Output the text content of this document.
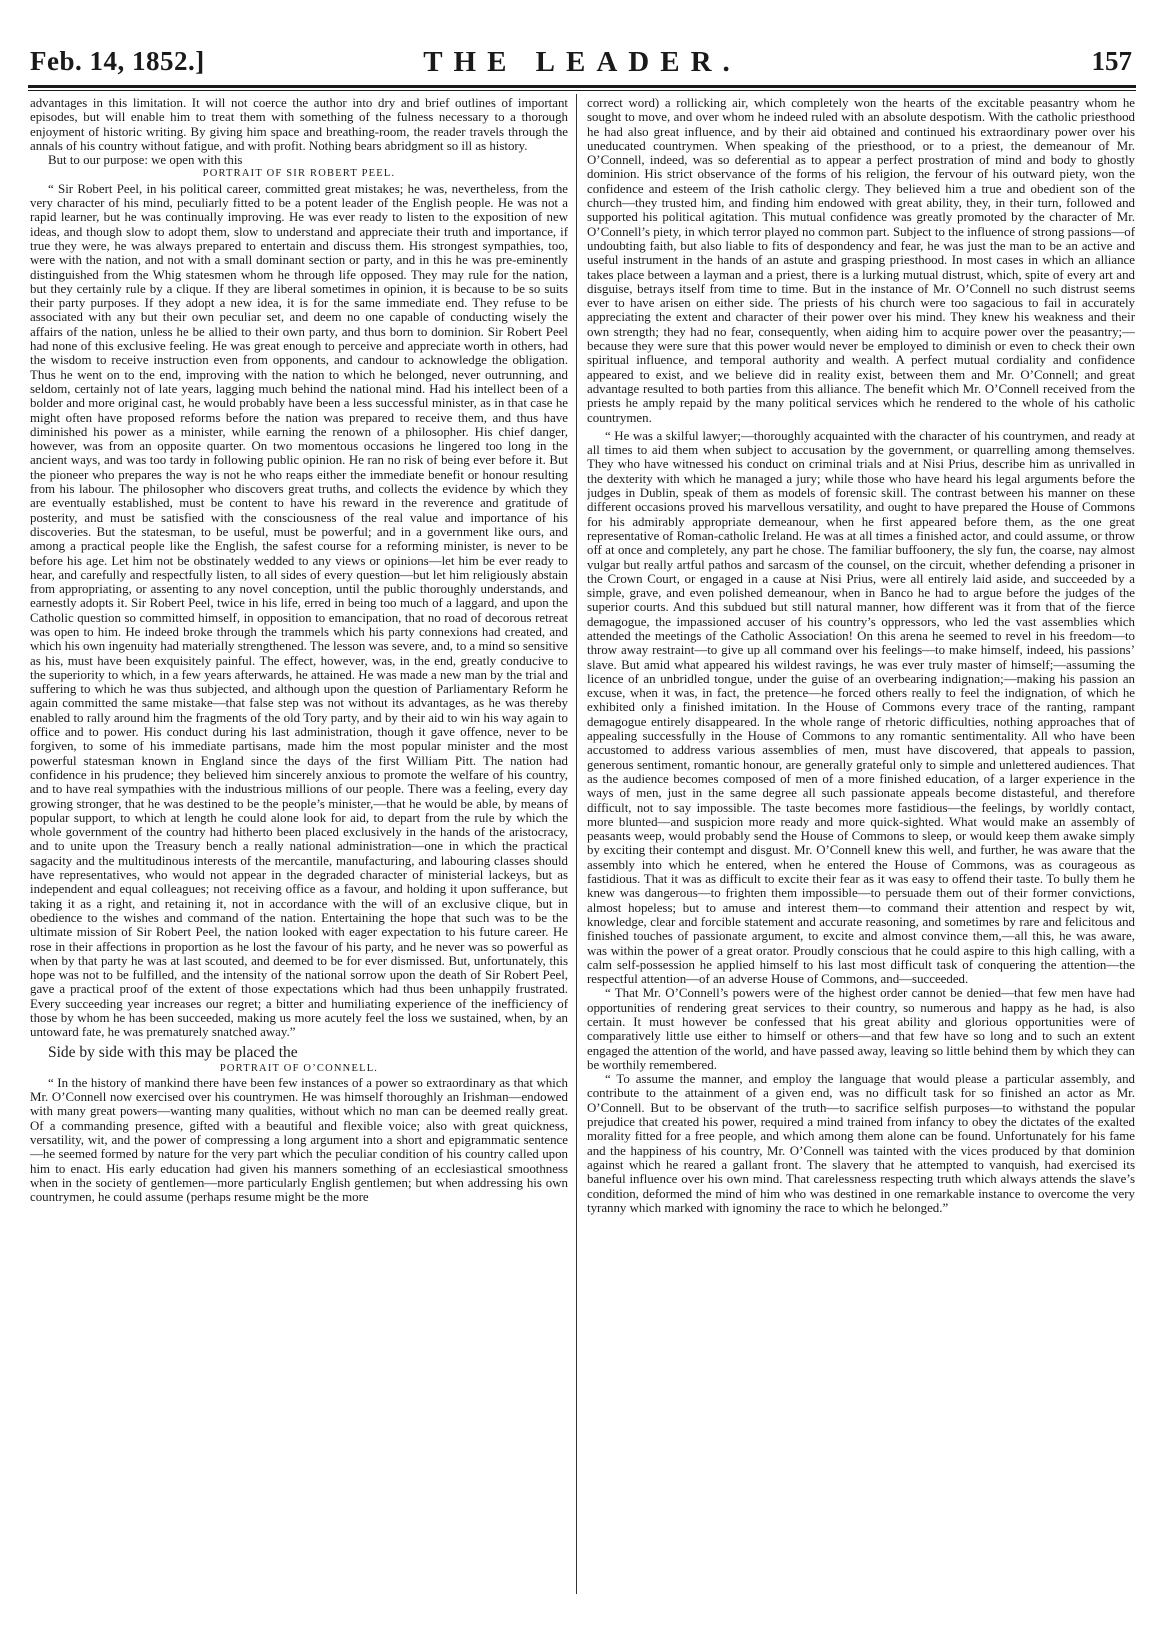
Feb. 14, 1852.]	THE LEADER.	157

advantages in this limitation. It will not coerce the author into dry and brief outlines of important episodes, but will enable him to treat them with something of the fulness necessary to a thorough enjoyment of historic writing. By giving him space and breathing-room, the reader travels through the annals of his country without fatigue, and with profit. Nothing bears abridgment so ill as history.

But to our purpose: we open with this

PORTRAIT OF SIR ROBERT PEEL.

“ Sir Robert Peel, in his political career, committed great mistakes; he was, nevertheless, from the very character of his mind, peculiarly fitted to be a potent leader of the English people. He was not a rapid learner, but he was continually improving. He was ever ready to listen to the exposition of new ideas, and though slow to adopt them, slow to understand and appreciate their truth and importance, if true they were, he was always prepared to entertain and discuss them. His strongest sympathies, too, were with the nation, and not with a small dominant section or party, and in this he was pre-eminently distinguished from the Whig statesmen whom he through life opposed. They may rule for the nation, but they certainly rule by a clique. If they are liberal sometimes in opinion, it is because to be so suits their party purposes. If they adopt a new idea, it is for the same immediate end. They refuse to be associated with any but their own peculiar set, and deem no one capable of conducting wisely the affairs of the nation, unless he be allied to their own party, and thus born to dominion. Sir Robert Peel had none of this exclusive feeling. He was great enough to perceive and appreciate worth in others, had the wisdom to receive instruction even from opponents, and candour to acknowledge the obligation. Thus he went on to the end, improving with the nation to which he belonged, never outrunning, and seldom, certainly not of late years, lagging much behind the national mind. Had his intellect been of a bolder and more original cast, he would probably have been a less successful minister, as in that case he might often have proposed reforms before the nation was prepared to receive them, and thus have diminished his power as a minister, while earning the renown of a philosopher. His chief danger, however, was from an opposite quarter. On two momentous occasions he lingered too long in the ancient ways, and was too tardy in following public opinion. He ran no risk of being ever before it. But the pioneer who prepares the way is not he who reaps either the immediate benefit or honour resulting from his labour. The philosopher who discovers great truths, and collects the evidence by which they are eventually established, must be content to have his reward in the reverence and gratitude of posterity, and must be satisfied with the consciousness of the real value and importance of his discoveries. But the statesman, to be useful, must be powerful; and in a government like ours, and among a practical people like the English, the safest course for a reforming minister, is never to be before his age. Let him not be obstinately wedded to any views or opinions—let him be ever ready to hear, and carefully and respectfully listen, to all sides of every question—but let him religiously abstain from appropriating, or assenting to any novel conception, until the public thoroughly understands, and earnestly adopts it. Sir Robert Peel, twice in his life, erred in being too much of a laggard, and upon the Catholic question so committed himself, in opposition to emancipation, that no road of decorous retreat was open to him. He indeed broke through the trammels which his party connexions had created, and which his own ingenuity had materially strengthened. The lesson was severe, and, to a mind so sensitive as his, must have been exquisitely painful. The effect, however, was, in the end, greatly conducive to the superiority to which, in a few years afterwards, he attained. He was made a new man by the trial and suffering to which he was thus subjected, and although upon the question of Parliamentary Reform he again committed the same mistake—that false step was not without its advantages, as he was thereby enabled to rally around him the fragments of the old Tory party, and by their aid to win his way again to office and to power. His conduct during his last administration, though it gave offence, never to be forgiven, to some of his immediate partisans, made him the most popular minister and the most powerful statesman known in England since the days of the first William Pitt. The nation had confidence in his prudence; they believed him sincerely anxious to promote the welfare of his country, and to have real sympathies with the industrious millions of our people. There was a feeling, every day growing stronger, that he was destined to be the people’s minister,—that he would be able, by means of popular support, to which at length he could alone look for aid, to depart from the rule by which the whole government of the country had hitherto been placed exclusively in the hands of the aristocracy, and to unite upon the Treasury bench a really national administration—one in which the practical sagacity and the multitudinous interests of the mercantile, manufacturing, and labouring classes should have representatives, who would not appear in the degraded character of ministerial lackeys, but as independent and equal colleagues; not receiving office as a favour, and holding it upon sufferance, but taking it as a right, and retaining it, not in accordance with the will of an exclusive clique, but in obedience to the wishes and command of the nation. Entertaining the hope that such was to be the ultimate mission of Sir Robert Peel, the nation looked with eager expectation to his future career. He rose in their affections in proportion as he lost the favour of his party, and he never was so powerful as when by that party he was at last scouted, and deemed to be for ever dismissed. But, unfortunately, this hope was not to be fulfilled, and the intensity of the national sorrow upon the death of Sir Robert Peel, gave a practical proof of the extent of those expectations which had thus been unhappily frustrated. Every succeeding year increases our regret; a bitter and humiliating experience of the inefficiency of those by whom he has been succeeded, making us more acutely feel the loss we sustained, when, by an untoward fate, he was prematurely snatched away.”

Side by side with this may be placed the

PORTRAIT OF O’CONNELL.

“ In the history of mankind there have been few instances of a power so extraordinary as that which Mr. O’Connell now exercised over his countrymen. He was himself thoroughly an Irishman—endowed with many great powers—wanting many qualities, without which no man can be deemed really great. Of a commanding presence, gifted with a beautiful and flexible voice; also with great quickness, versatility, wit, and the power of compressing a long argument into a short and epigrammatic sentence—he seemed formed by nature for the very part which the peculiar condition of his country called upon him to enact. His early education had given his manners something of an ecclesiastical smoothness when in the society of gentlemen—more particularly English gentlemen; but when addressing his own countrymen, he could assume (perhaps resume might be the more

correct word) a rollicking air, which completely won the hearts of the excitable peasantry whom he sought to move, and over whom he indeed ruled with an absolute despotism. With the catholic priesthood he had also great influence, and by their aid obtained and continued his extraordinary power over his uneducated countrymen. When speaking of the priesthood, or to a priest, the demeanour of Mr. O’Connell, indeed, was so deferential as to appear a perfect prostration of mind and body to ghostly dominion. His strict observance of the forms of his religion, the fervour of his outward piety, won the confidence and esteem of the Irish catholic clergy. They believed him a true and obedient son of the church—they trusted him, and finding him endowed with great ability, they, in their turn, followed and supported his political agitation. This mutual confidence was greatly promoted by the character of Mr. O’Connell’s piety, in which terror played no common part. Subject to the influence of strong passions—of undoubting faith, but also liable to fits of despondency and fear, he was just the man to be an active and useful instrument in the hands of an astute and grasping priesthood. In most cases in which an alliance takes place between a layman and a priest, there is a lurking mutual distrust, which, spite of every art and disguise, betrays itself from time to time. But in the instance of Mr. O’Connell no such distrust seems ever to have arisen on either side. The priests of his church were too sagacious to fail in accurately appreciating the extent and character of their power over his mind. They knew his weakness and their own strength; they had no fear, consequently, when aiding him to acquire power over the peasantry;—because they were sure that this power would never be employed to diminish or even to check their own spiritual influence, and temporal authority and wealth. A perfect mutual cordiality and confidence appeared to exist, and we believe did in reality exist, between them and Mr. O’Connell; and great advantage resulted to both parties from this alliance. The benefit which Mr. O’Connell received from the priests he amply repaid by the many political services which he rendered to the whole of his catholic countrymen.

“ He was a skilful lawyer;—thoroughly acquainted with the character of his countrymen, and ready at all times to aid them when subject to accusation by the government, or quarrelling among themselves. They who have witnessed his conduct on criminal trials and at Nisi Prius, describe him as unrivalled in the dexterity with which he managed a jury; while those who have heard his legal arguments before the judges in Dublin, speak of them as models of forensic skill. The contrast between his manner on these different occasions proved his marvellous versatility, and ought to have prepared the House of Commons for his admirably appropriate demeanour, when he first appeared before them, as the one great representative of Roman-catholic Ireland. He was at all times a finished actor, and could assume, or throw off at once and completely, any part he chose. The familiar buffoonery, the sly fun, the coarse, nay almost vulgar but really artful pathos and sarcasm of the counsel, on the circuit, whether defending a prisoner in the Crown Court, or engaged in a cause at Nisi Prius, were all entirely laid aside, and succeeded by a simple, grave, and even polished demeanour, when in Banco he had to argue before the judges of the superior courts. And this subdued but still natural manner, how different was it from that of the fierce demagogue, the impassioned accuser of his country’s oppressors, who led the vast assemblies which attended the meetings of the Catholic Association! On this arena he seemed to revel in his freedom—to throw away restraint—to give up all command over his feelings—to make himself, indeed, his passions’ slave. But amid what appeared his wildest ravings, he was ever truly master of himself;—assuming the licence of an unbridled tongue, under the guise of an overbearing indignation;—making his passion an excuse, when it was, in fact, the pretence—he forced others really to feel the indignation, of which he exhibited only a finished imitation. In the House of Commons every trace of the ranting, rampant demagogue entirely disappeared. In the whole range of rhetoric difficulties, nothing approaches that of appealing successfully in the House of Commons to any romantic sentimentality. All who have been accustomed to address various assemblies of men, must have discovered, that appeals to passion, generous sentiment, romantic honour, are generally grateful only to simple and unlettered audiences. That as the audience becomes composed of men of a more finished education, of a larger experience in the ways of men, just in the same degree all such passionate appeals become distasteful, and therefore difficult, not to say impossible. The taste becomes more fastidious—the feelings, by worldly contact, more blunted—and suspicion more ready and more quick-sighted. What would make an assembly of peasants weep, would probably send the House of Commons to sleep, or would keep them awake simply by exciting their contempt and disgust. Mr. O’Connell knew this well, and further, he was aware that the assembly into which he entered, when he entered the House of Commons, was as courageous as fastidious. That it was as difficult to excite their fear as it was easy to offend their taste. To bully them he knew was dangerous—to frighten them impossible—to persuade them out of their former convictions, almost hopeless; but to amuse and interest them—to command their attention and respect by wit, knowledge, clear and forcible statement and accurate reasoning, and sometimes by rare and felicitous and finished touches of passionate argument, to excite and almost convince them,—all this, he was aware, was within the power of a great orator. Proudly conscious that he could aspire to this high calling, with a calm self-possession he applied himself to his last most difficult task of conquering the attention—the respectful attention—of an adverse House of Commons, and—succeeded.

“ That Mr. O’Connell’s powers were of the highest order cannot be denied—that few men have had opportunities of rendering great services to their country, so numerous and happy as he had, is also certain. It must however be confessed that his great ability and glorious opportunities were of comparatively little use either to himself or others—and that few have so long and to such an extent engaged the attention of the world, and have passed away, leaving so little behind them by which they can be worthily remembered.

“ To assume the manner, and employ the language that would please a particular assembly, and contribute to the attainment of a given end, was no difficult task for so finished an actor as Mr. O’Connell. But to be observant of the truth—to sacrifice selfish purposes—to withstand the popular prejudice that created his power, required a mind trained from infancy to obey the dictates of the exalted morality fitted for a free people, and which among them alone can be found. Unfortunately for his fame and the happiness of his country, Mr. O’Connell was tainted with the vices produced by that dominion against which he reared a gallant front. The slavery that he attempted to vanquish, had exercised its baneful influence over his own mind. That carelessness respecting truth which always attends the slave’s condition, deformed the mind of him who was destined in one remarkable instance to overcome the very tyranny which marked with ignominy the race to which he belonged.”
